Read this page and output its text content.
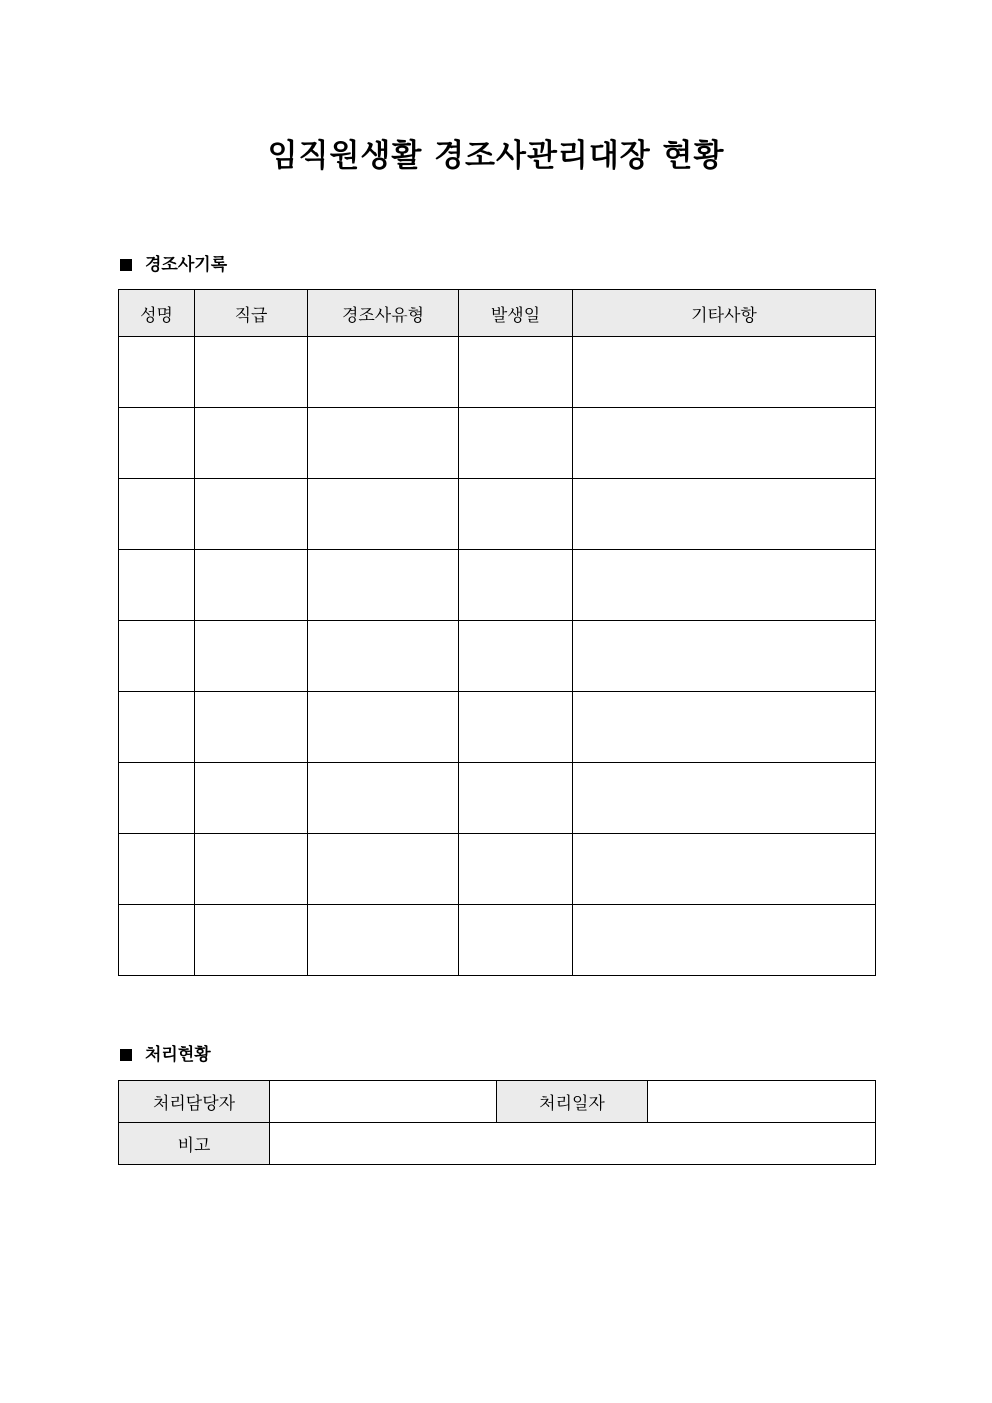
임직원생활 경조사관리대장 현황
경조사기록
성명	직급	경조사유형	발생일	기타사항

처리현황
처리담당자		처리일자	
비고			
